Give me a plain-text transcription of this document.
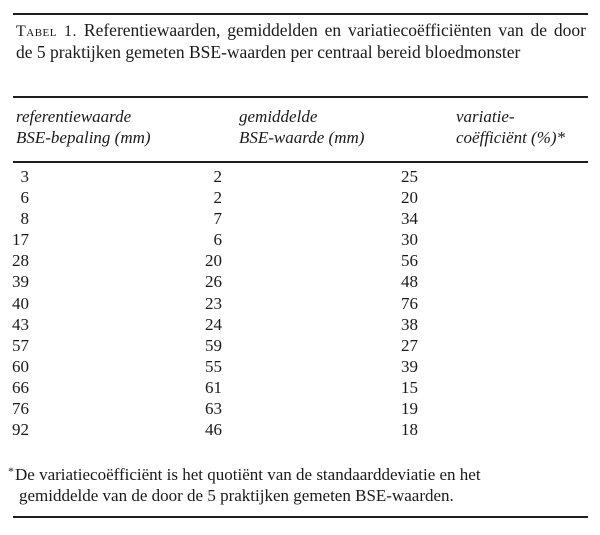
Tabel 1. Referentiewaarden, gemiddelden en variatiecoëfficiënten van de door de 5 praktijken gemeten BSE-waarden per centraal bereid bloedmonster
referentiewaarde
BSE-bepaling (mm)
gemiddelde
BSE-waarde (mm)
variatie-
coëfficiënt (%)*
3	2	25
6	2	20
8	7	34
17	6	30
28	20	56
39	26	48
40	23	76
43	24	38
57	59	27
60	55	39
66	61	15
76	63	19
92	46	18
*De variatiecoëfficiënt is het quotiënt van de standaarddeviatie en het
gemiddelde van de door de 5 praktijken gemeten BSE-waarden.
